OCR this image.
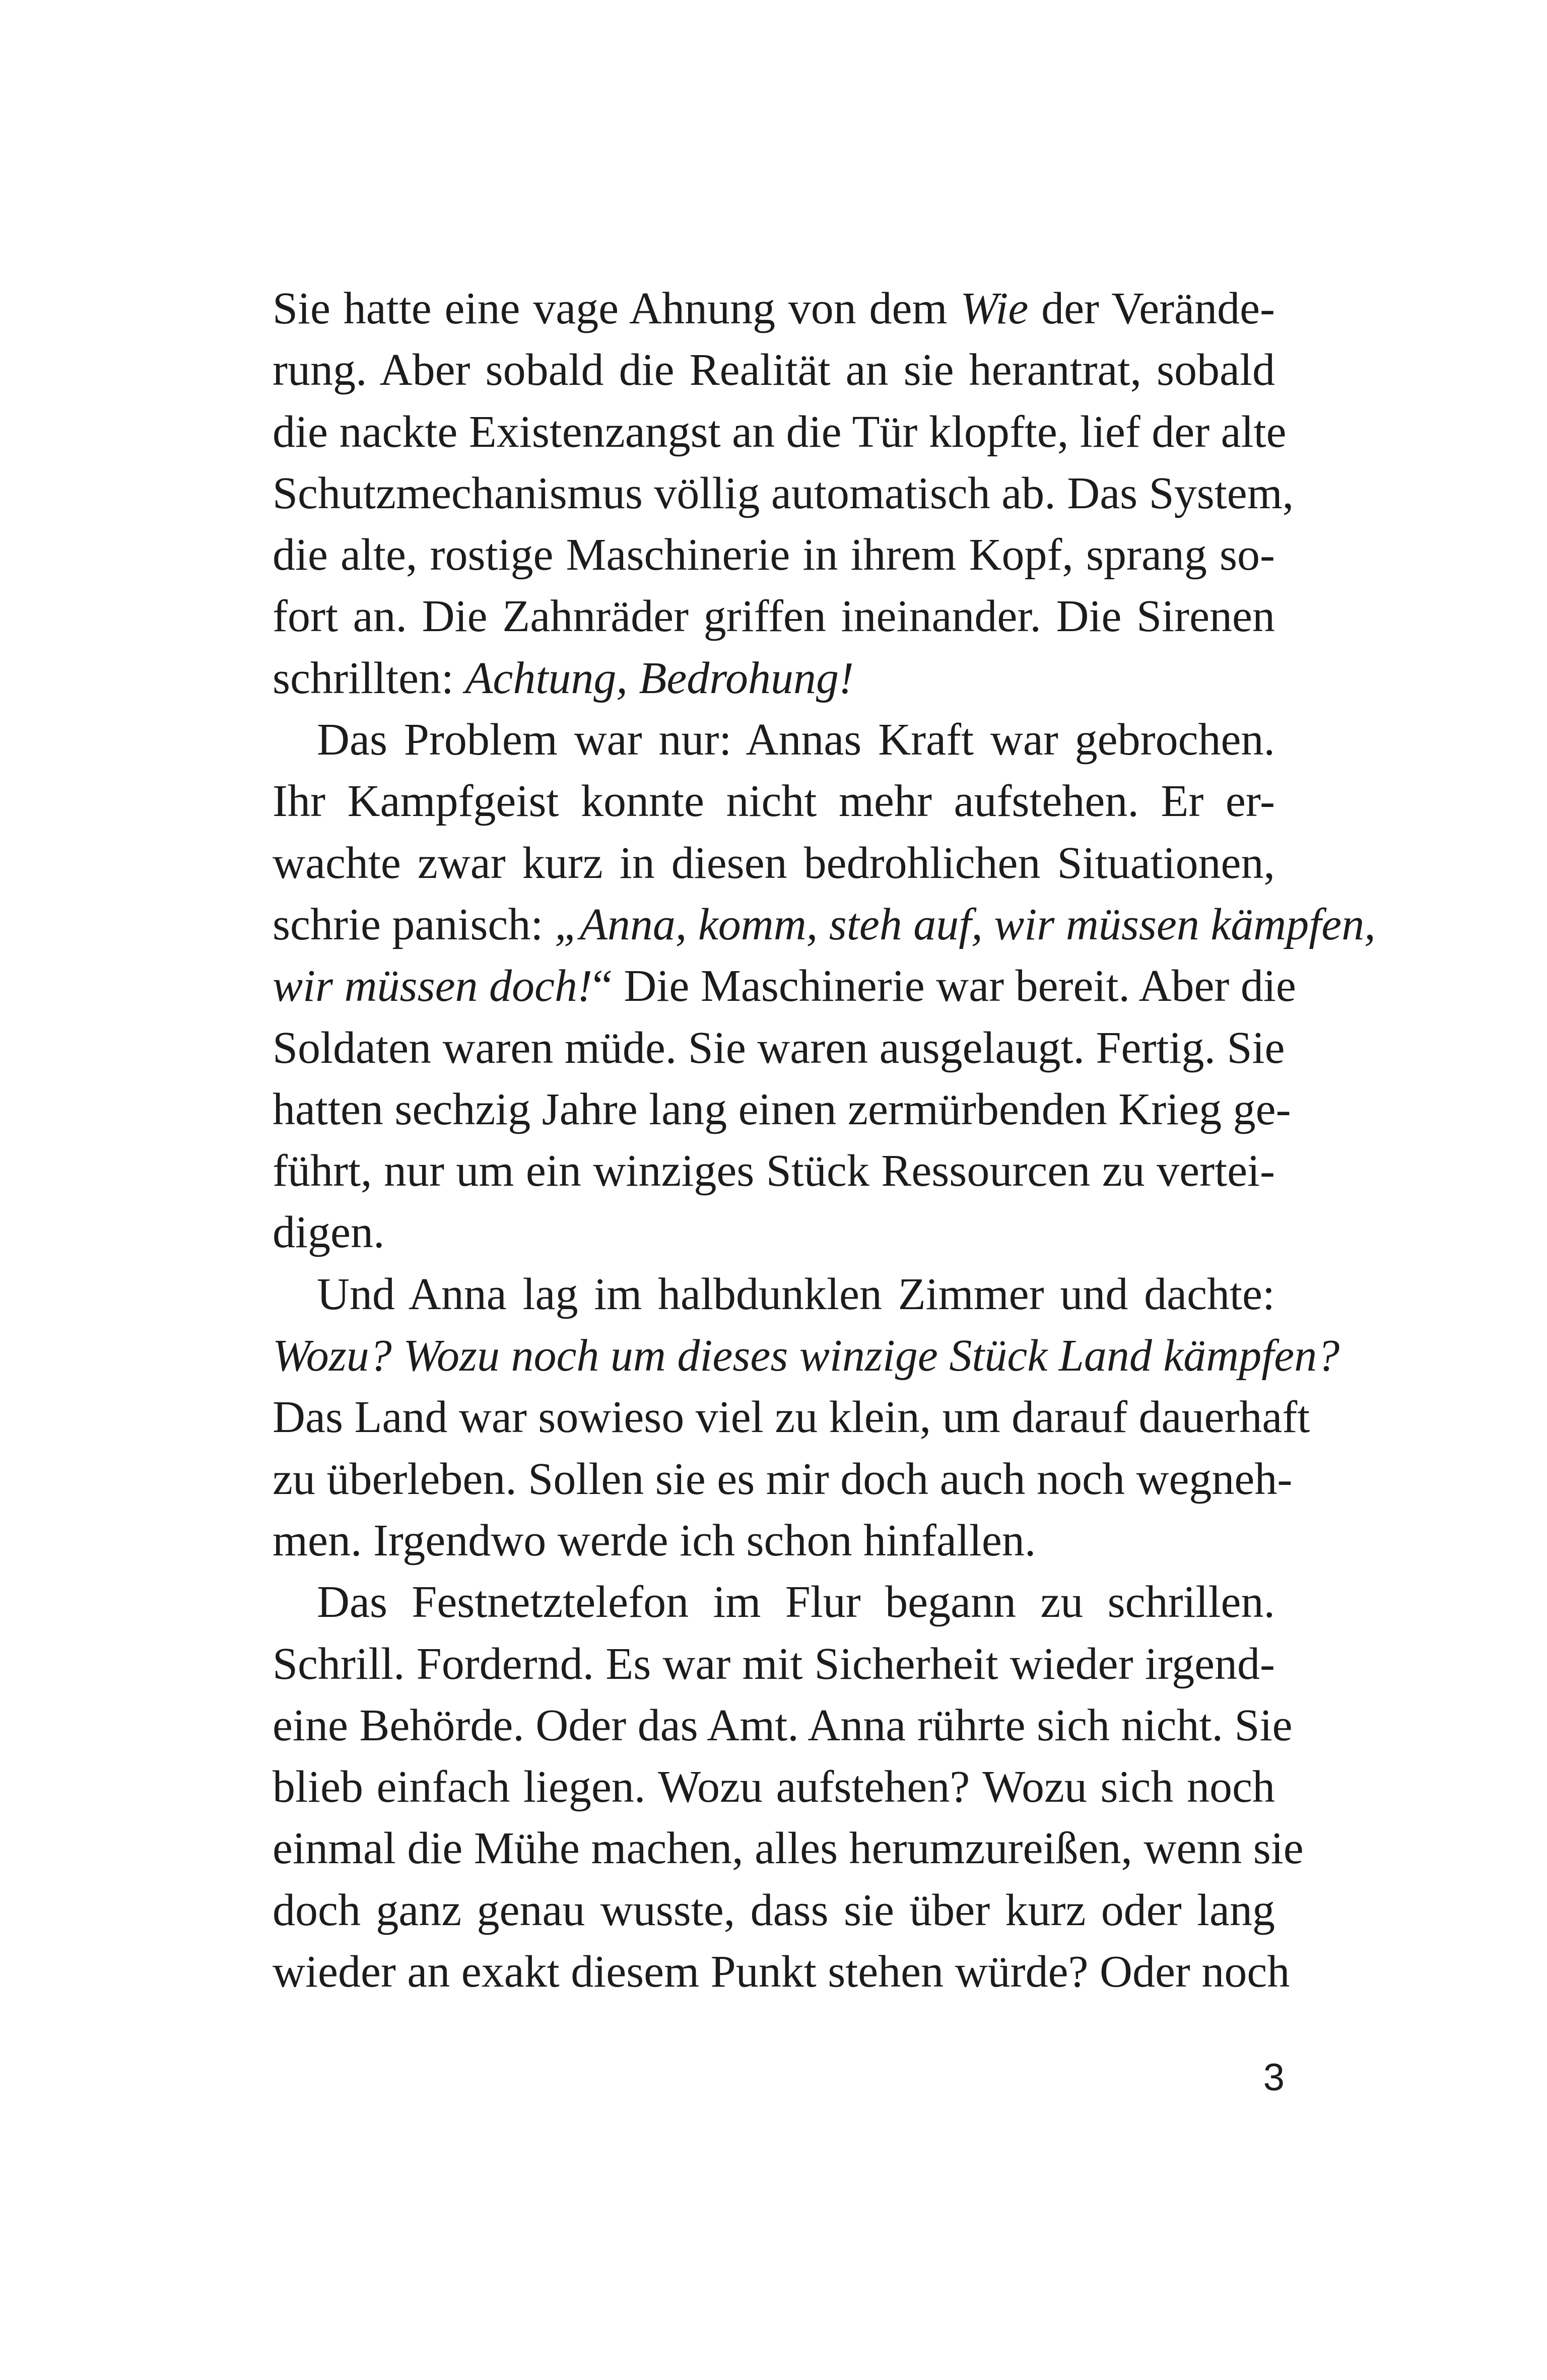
Sie hatte eine vage Ahnung von dem Wie der Verände-
rung. Aber sobald die Realität an sie herantrat, sobald
die nackte Existenzangst an die Tür klopfte, lief der alte
Schutzmechanismus völlig automatisch ab. Das System,
die alte, rostige Maschinerie in ihrem Kopf, sprang so-
fort an. Die Zahnräder griffen ineinander. Die Sirenen
schrillten: Achtung, Bedrohung!
Das Problem war nur: Annas Kraft war gebrochen.
Ihr Kampfgeist konnte nicht mehr aufstehen. Er er-
wachte zwar kurz in diesen bedrohlichen Situationen,
schrie panisch: „Anna, komm, steh auf, wir müssen kämpfen,
wir müssen doch!“ Die Maschinerie war bereit. Aber die
Soldaten waren müde. Sie waren ausgelaugt. Fertig. Sie
hatten sechzig Jahre lang einen zermürbenden Krieg ge-
führt, nur um ein winziges Stück Ressourcen zu vertei-
digen.
Und Anna lag im halbdunklen Zimmer und dachte:
Wozu? Wozu noch um dieses winzige Stück Land kämpfen?
Das Land war sowieso viel zu klein, um darauf dauerhaft
zu überleben. Sollen sie es mir doch auch noch wegneh-
men. Irgendwo werde ich schon hinfallen.
Das Festnetztelefon im Flur begann zu schrillen.
Schrill. Fordernd. Es war mit Sicherheit wieder irgend-
eine Behörde. Oder das Amt. Anna rührte sich nicht. Sie
blieb einfach liegen. Wozu aufstehen? Wozu sich noch
einmal die Mühe machen, alles herumzureißen, wenn sie
doch ganz genau wusste, dass sie über kurz oder lang
wieder an exakt diesem Punkt stehen würde? Oder noch
3
